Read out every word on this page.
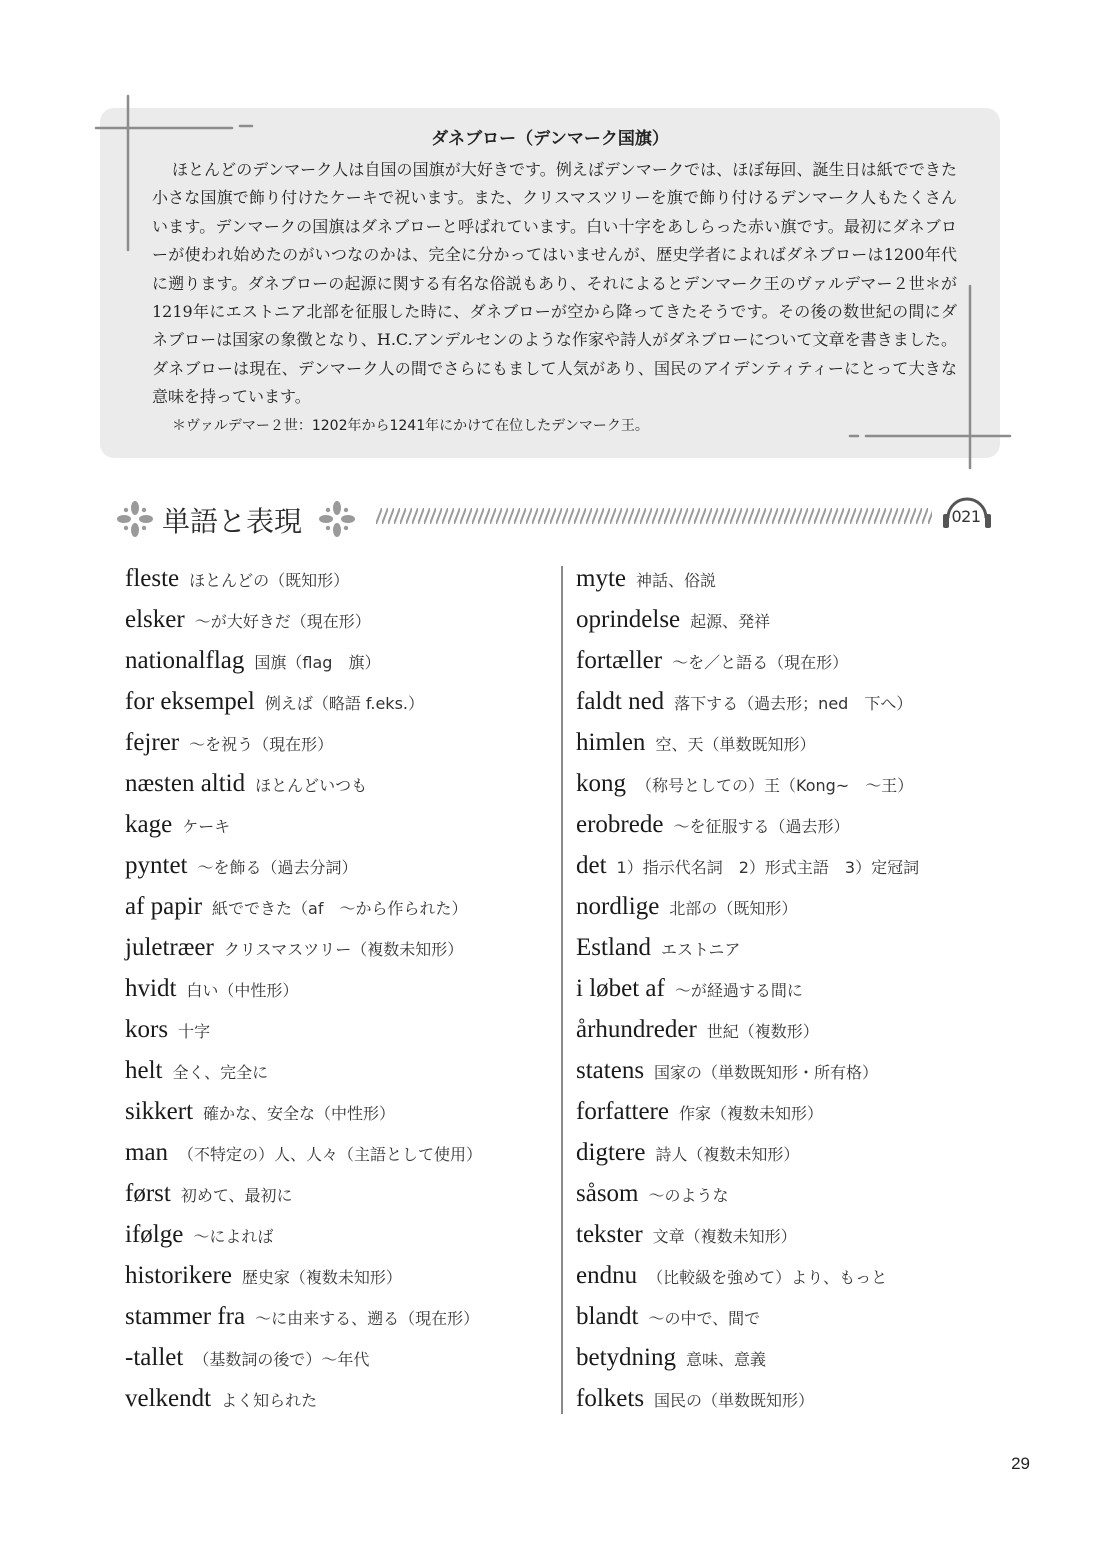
ダネブロー（デンマーク国旗）

ほとんどのデンマーク人は自国の国旗が大好きです。例えばデンマークでは、ほぼ毎回、誕生日は紙でできた小さな国旗で飾り付けたケーキで祝います。また、クリスマスツリーを旗で飾り付けるデンマーク人もたくさんいます。デンマークの国旗はダネブローと呼ばれています。白い十字をあしらった赤い旗です。最初にダネブローが使われ始めたのがいつなのかは、完全に分かってはいませんが、歴史学者によればダネブローは1200年代に遡ります。ダネブローの起源に関する有名な俗説もあり、それによるとデンマーク王のヴァルデマー２世＊が1219年にエストニア北部を征服した時に、ダネブローが空から降ってきたそうです。その後の数世紀の間にダネブローは国家の象徴となり、H.C.アンデルセンのような作家や詩人がダネブローについて文章を書きました。ダネブローは現在、デンマーク人の間でさらにもまして人気があり、国民のアイデンティティーにとって大きな意味を持っています。

＊ヴァルデマー２世：1202年から1241年にかけて在位したデンマーク王。

単語と表現	021
fleste ほとんどの（既知形）
elsker ～が大好きだ（現在形）
nationalflag 国旗（flag　旗）
for eksempel 例えば（略語 f.eks.）
fejrer ～を祝う（現在形）
næsten altid ほとんどいつも
kage ケーキ
pyntet ～を飾る（過去分詞）
af papir 紙でできた（af　～から作られた）
juletræer クリスマスツリー（複数未知形）
hvidt 白い（中性形）
kors 十字
helt 全く、完全に
sikkert 確かな、安全な（中性形）
man （不特定の）人、人々（主語として使用）
først 初めて、最初に
ifølge ～によれば
historikere 歴史家（複数未知形）
stammer fra ～に由来する、遡る（現在形）
-tallet （基数詞の後で）～年代
velkendt よく知られた
myte 神話、俗説
oprindelse 起源、発祥
fortæller ～を／と語る（現在形）
faldt ned 落下する（過去形；ned　下へ）
himlen 空、天（単数既知形）
kong （称号としての）王（Kong~　～王）
erobrede ～を征服する（過去形）
det 1）指示代名詞　2）形式主語　3）定冠詞
nordlige 北部の（既知形）
Estland エストニア
i løbet af ～が経過する間に
århundreder 世紀（複数形）
statens 国家の（単数既知形・所有格）
forfattere 作家（複数未知形）
digtere 詩人（複数未知形）
såsom ～のような
tekster 文章（複数未知形）
endnu （比較級を強めて）より、もっと
blandt ～の中で、間で
betydning 意味、意義
folkets 国民の（単数既知形）
29
